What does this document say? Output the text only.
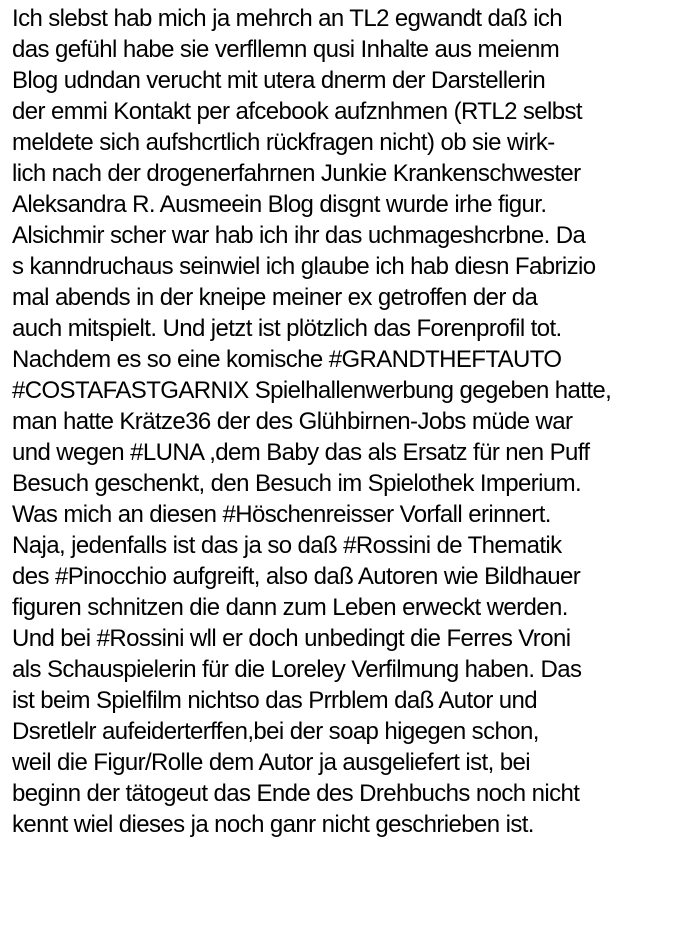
Ich slebst hab mich ja mehrch an TL2 egwandt daß ich
das gefühl habe sie verfllemn qusi Inhalte aus meienm
Blog udndan verucht mit utera dnerm der Darstellerin
der emmi Kontakt per afcebook aufznhmen (RTL2 selbst
meldete sich aufshcrtlich rückfragen nicht) ob sie wirk-
lich nach der drogenerfahrnen Junkie Krankenschwester
Aleksandra R. Ausmeein Blog disgnt wurde irhe figur.
Alsichmir scher war hab ich ihr das uchmageshcrbne. Da
s kanndruchaus seinwiel ich glaube ich hab diesn Fabrizio
mal abends in der kneipe meiner ex getroffen der da
auch mitspielt. Und jetzt ist plötzlich das Forenprofil tot.
Nachdem es so eine komische #GRANDTHEFTAUTO
#COSTAFASTGARNIX Spielhallenwerbung gegeben hatte,
man hatte Krätze36 der des Glühbirnen-Jobs müde war
und wegen #LUNA ,dem Baby das als Ersatz für nen Puff
Besuch geschenkt, den Besuch im Spielothek Imperium.
Was mich an diesen #Höschenreisser Vorfall erinnert.
Naja, jedenfalls ist das ja so daß #Rossini de Thematik
des #Pinocchio aufgreift, also daß Autoren wie Bildhauer
figuren schnitzen die dann zum Leben erweckt werden.
Und bei #Rossini wll er doch unbedingt die Ferres Vroni
als Schauspielerin für die Loreley Verfilmung haben. Das
ist beim Spielfilm nichtso das Prrblem daß Autor und
Dsretlelr aufeiderterffen,bei der soap higegen schon,
weil die Figur/Rolle dem Autor ja ausgeliefert ist, bei
beginn der tätogeut das Ende des Drehbuchs noch nicht
kennt wiel dieses ja noch ganr nicht geschrieben ist.
